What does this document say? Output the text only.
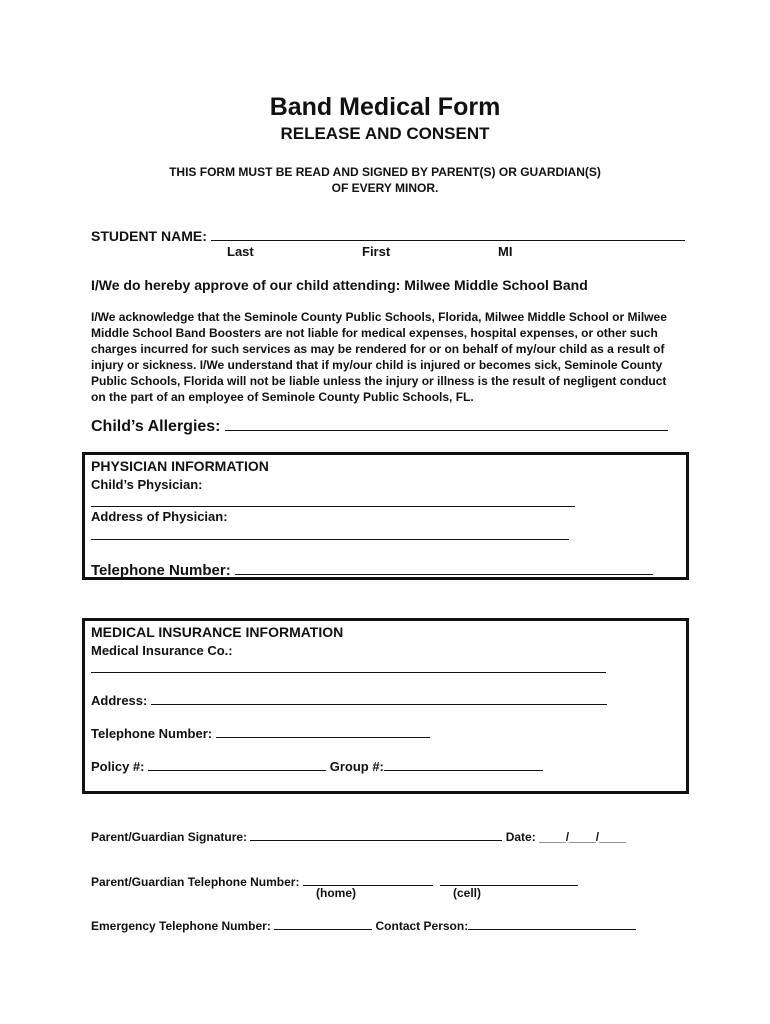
Band Medical Form
RELEASE AND CONSENT
THIS FORM MUST BE READ AND SIGNED BY PARENT(S) OR GUARDIAN(S)
OF EVERY MINOR.
STUDENT NAME:
Last	First	MI
I/We do hereby approve of our child attending: Milwee Middle School Band
I/We acknowledge that the Seminole County Public Schools, Florida, Milwee Middle School or Milwee Middle School Band Boosters are not liable for medical expenses, hospital expenses, or other such charges incurred for such services as may be rendered for or on behalf of my/our child as a result of injury or sickness. I/We understand that if my/our child is injured or becomes sick, Seminole County Public Schools, Florida will not be liable unless the injury or illness is the result of negligent conduct on the part of an employee of Seminole County Public Schools, FL.
Child’s Allergies:
PHYSICIAN INFORMATION
Child’s Physician:
Address of Physician:
Telephone Number:
MEDICAL INSURANCE INFORMATION
Medical Insurance Co.:
Address:
Telephone Number:
Policy #:	Group #:
Parent/Guardian Signature:	Date: ____/____/____
Parent/Guardian Telephone Number:
(home)	(cell)
Emergency Telephone Number:	Contact Person:
